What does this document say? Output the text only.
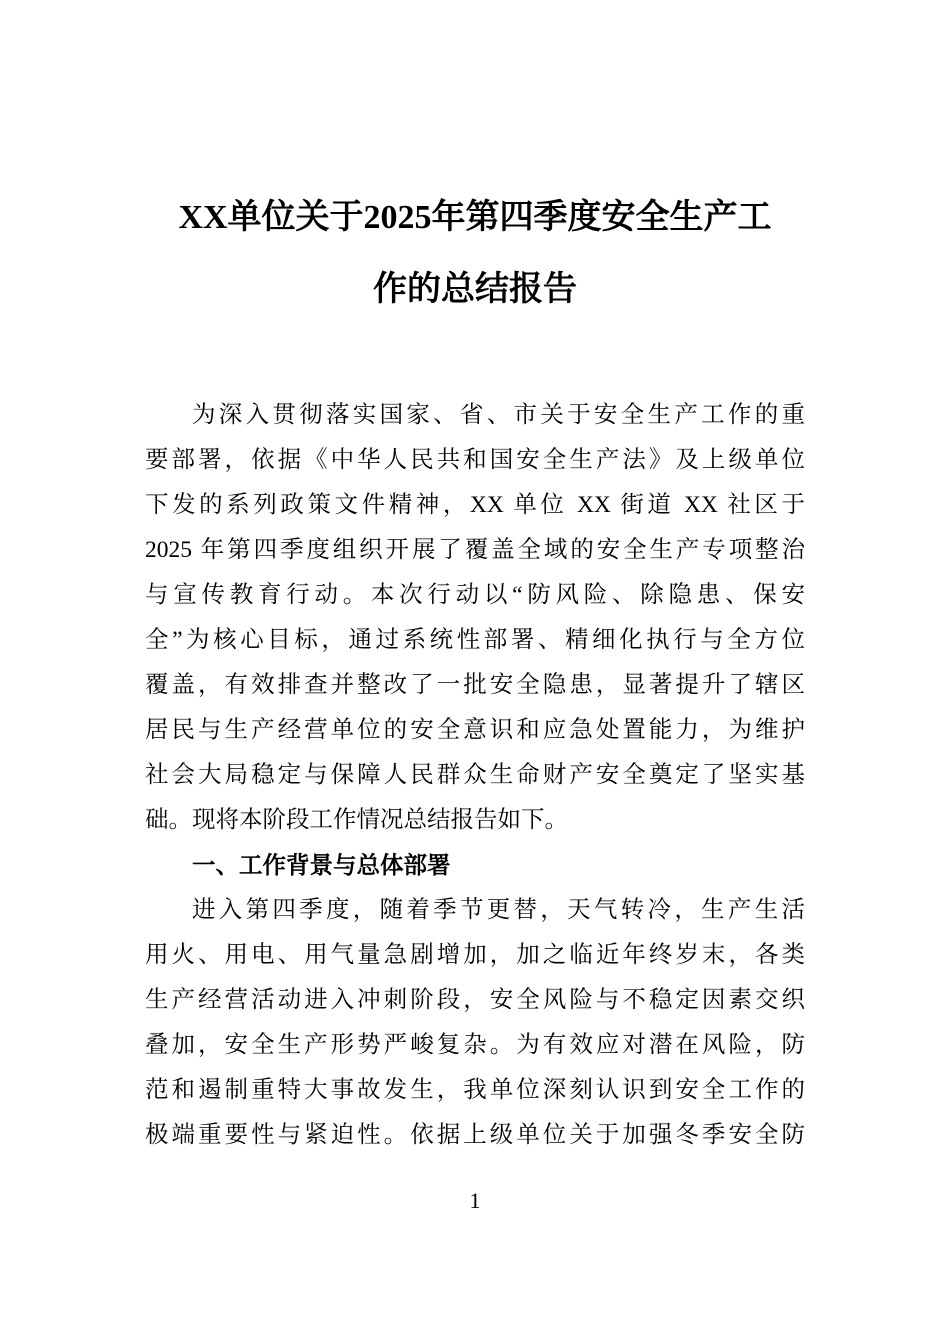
XX单位关于2025年第四季度安全生产工
作的总结报告
为深入贯彻落实国家、省、市关于安全生产工作的重
要部署，依据《中华人民共和国安全生产法》及上级单位
下发的系列政策文件精神，XX 单位 XX 街道 XX 社区于
2025 年第四季度组织开展了覆盖全域的安全生产专项整治
与宣传教育行动。本次行动以“防风险、除隐患、保安
全”为核心目标，通过系统性部署、精细化执行与全方位
覆盖，有效排查并整改了一批安全隐患，显著提升了辖区
居民与生产经营单位的安全意识和应急处置能力，为维护
社会大局稳定与保障人民群众生命财产安全奠定了坚实基
础。现将本阶段工作情况总结报告如下。
一、工作背景与总体部署
进入第四季度，随着季节更替，天气转冷，生产生活
用火、用电、用气量急剧增加，加之临近年终岁末，各类
生产经营活动进入冲刺阶段，安全风险与不稳定因素交织
叠加，安全生产形势严峻复杂。为有效应对潜在风险，防
范和遏制重特大事故发生，我单位深刻认识到安全工作的
极端重要性与紧迫性。依据上级单位关于加强冬季安全防
1
